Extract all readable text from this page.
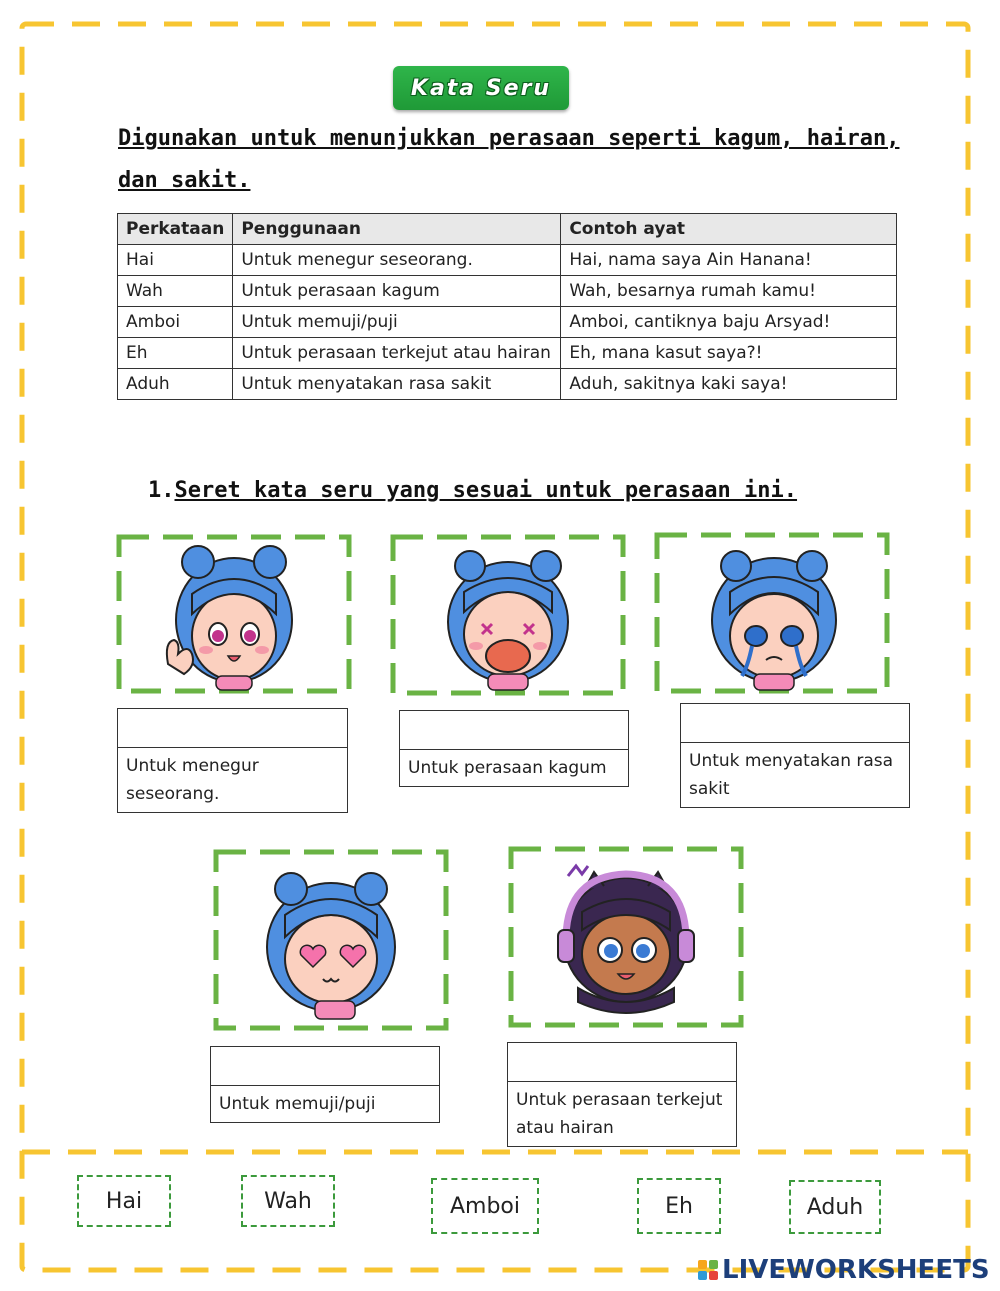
Kata Seru
Digunakan untuk menunjukkan perasaan seperti kagum, hairan, dan sakit.
Perkataan	Penggunaan	Contoh ayat
Hai	Untuk menegur seseorang.	Hai, nama saya Ain Hanana!
Wah	Untuk perasaan kagum	Wah, besarnya rumah kamu!
Amboi	Untuk memuji/puji	Amboi, cantiknya baju Arsyad!
Eh	Untuk perasaan terkejut atau hairan	Eh, mana kasut saya?!
Aduh	Untuk menyatakan rasa sakit	Aduh, sakitnya kaki saya!
1.Seret kata seru yang sesuai untuk perasaan ini.
Untuk menegur seseorang.
Untuk perasaan kagum	Untuk menyatakan rasa sakit
Untuk memuji/puji	Untuk perasaan terkejut atau hairan
Hai	Wah	Amboi	Eh	Aduh
LIVEWORKSHEETS
